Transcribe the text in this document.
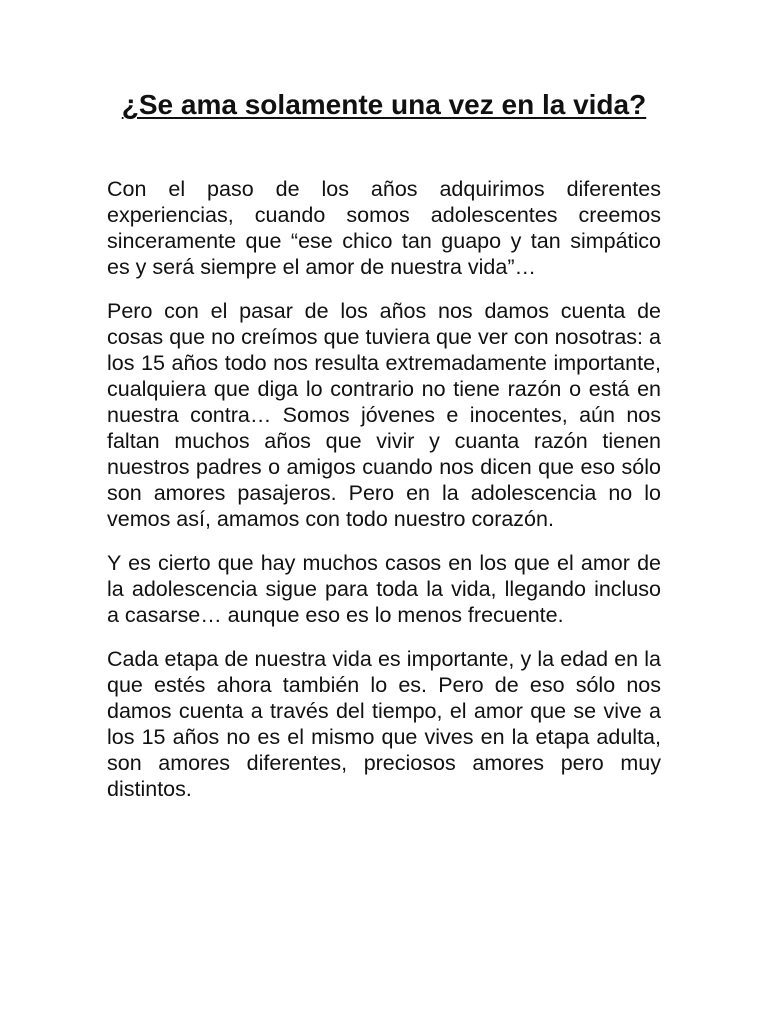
¿Se ama solamente una vez en la vida?

Con el paso de los años adquirimos diferentes experiencias, cuando somos adolescentes creemos sinceramente que “ese chico tan guapo y tan simpático es y será siempre el amor de nuestra vida”…

Pero con el pasar de los años nos damos cuenta de cosas que no creímos que tuviera que ver con nosotras: a los 15 años todo nos resulta extremadamente importante, cualquiera que diga lo contrario no tiene razón o está en nuestra contra… Somos jóvenes e inocentes, aún nos faltan muchos años que vivir y cuanta razón tienen nuestros padres o amigos cuando nos dicen que eso sólo son amores pasajeros. Pero en la adolescencia no lo vemos así, amamos con todo nuestro corazón.

Y es cierto que hay muchos casos en los que el amor de la adolescencia sigue para toda la vida, llegando incluso a casarse… aunque eso es lo menos frecuente.

Cada etapa de nuestra vida es importante, y la edad en la que estés ahora también lo es. Pero de eso sólo nos damos cuenta a través del tiempo, el amor que se vive a los 15 años no es el mismo que vives en la etapa adulta, son amores diferentes, preciosos amores pero muy distintos.
